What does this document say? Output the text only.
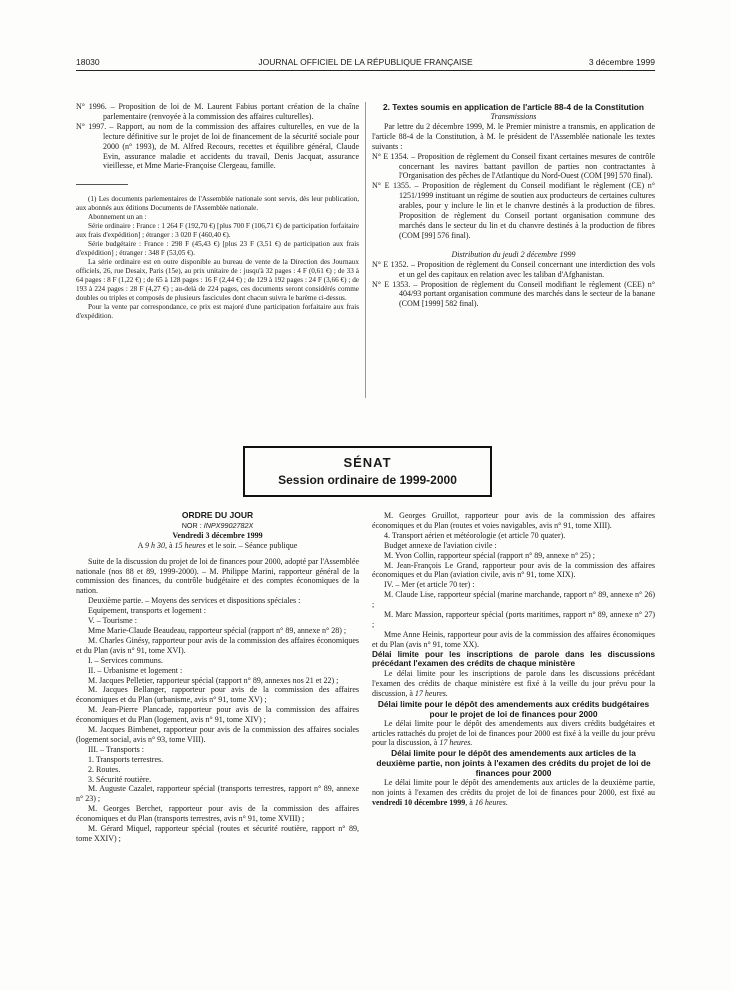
18030	JOURNAL OFFICIEL DE LA RÉPUBLIQUE FRANÇAISE	3 décembre 1999

N° 1996. – Proposition de loi de M. Laurent Fabius portant création de la chaîne parlementaire (renvoyée à la commission des affaires culturelles).

N° 1997. – Rapport, au nom de la commission des affaires culturelles, en vue de la lecture définitive sur le projet de loi de financement de la sécurité sociale pour 2000 (n° 1993), de M. Alfred Recours, recettes et équilibre général, Claude Evin, assurance maladie et accidents du travail, Denis Jacquat, assurance vieillesse, et Mme Marie-Françoise Clergeau, famille.

(1) Les documents parlementaires de l'Assemblée nationale sont servis, dès leur publication, aux abonnés aux éditions Documents de l'Assemblée nationale.

Abonnement un an :

Série ordinaire : France : 1 264 F (192,70 €) [plus 700 F (106,71 €) de participation forfaitaire aux frais d'expédition] ; étranger : 3 020 F (460,40 €).

Série budgétaire : France : 298 F (45,43 €) [plus 23 F (3,51 €) de participation aux frais d'expédition] ; étranger : 348 F (53,05 €).

La série ordinaire est en outre disponible au bureau de vente de la Direction des Journaux officiels, 26, rue Desaix, Paris (15e), au prix unitaire de : jusqu'à 32 pages : 4 F (0,61 €) ; de 33 à 64 pages : 8 F (1,22 €) ; de 65 à 128 pages : 16 F (2,44 €) ; de 129 à 192 pages : 24 F (3,66 €) ; de 193 à 224 pages : 28 F (4,27 €) ; au-delà de 224 pages, ces documents seront considérés comme doubles ou triples et composés de plusieurs fascicules dont chacun suivra le barème ci-dessus.

Pour la vente par correspondance, ce prix est majoré d'une participation forfaitaire aux frais d'expédition.

2. Textes soumis en application de l'article 88-4 de la Constitution

Transmissions

Par lettre du 2 décembre 1999, M. le Premier ministre a transmis, en application de l'article 88-4 de la Constitution, à M. le président de l'Assemblée nationale les textes suivants :

N° E 1354. – Proposition de règlement du Conseil fixant certaines mesures de contrôle concernant les navires battant pavillon de parties non contractantes à l'Organisation des pêches de l'Atlantique du Nord-Ouest (COM [99] 570 final).

N° E 1355. – Proposition de règlement du Conseil modifiant le règlement (CE) n° 1251/1999 instituant un régime de soutien aux producteurs de certaines cultures arables, pour y inclure le lin et le chanvre destinés à la production de fibres. Proposition de règlement du Conseil portant organisation commune des marchés dans le secteur du lin et du chanvre destinés à la production de fibres (COM [99] 576 final).

Distribution du jeudi 2 décembre 1999

N° E 1352. – Proposition de règlement du Conseil concernant une interdiction des vols et un gel des capitaux en relation avec les taliban d'Afghanistan.

N° E 1353. – Proposition de règlement du Conseil modifiant le règlement (CEE) n° 404/93 portant organisation commune des marchés dans le secteur de la banane (COM [1999] 582 final).

SÉNAT
Session ordinaire de 1999-2000

ORDRE DU JOUR

NOR : INPX9902782X

Vendredi 3 décembre 1999

A 9 h 30, à 15 heures et le soir. – Séance publique

Suite de la discussion du projet de loi de finances pour 2000, adopté par l'Assemblée nationale (nos 88 et 89, 1999-2000). – M. Philippe Marini, rapporteur général de la commission des finances, du contrôle budgétaire et des comptes économiques de la nation.

Deuxième partie. – Moyens des services et dispositions spéciales :

Equipement, transports et logement :

V. – Tourisme :

Mme Marie-Claude Beaudeau, rapporteur spécial (rapport n° 89, annexe n° 28) ;

M. Charles Ginésy, rapporteur pour avis de la commission des affaires économiques et du Plan (avis n° 91, tome XVI).

I. – Services communs.

II. – Urbanisme et logement :

M. Jacques Pelletier, rapporteur spécial (rapport n° 89, annexes nos 21 et 22) ;

M. Jacques Bellanger, rapporteur pour avis de la commission des affaires économiques et du Plan (urbanisme, avis n° 91, tome XV) ;

M. Jean-Pierre Plancade, rapporteur pour avis de la commission des affaires économiques et du Plan (logement, avis n° 91, tome XIV) ;

M. Jacques Bimbenet, rapporteur pour avis de la commission des affaires sociales (logement social, avis n° 93, tome VIII).

III. – Transports :

1. Transports terrestres.

2. Routes.

3. Sécurité routière.

M. Auguste Cazalet, rapporteur spécial (transports terrestres, rapport n° 89, annexe n° 23) ;

M. Georges Berchet, rapporteur pour avis de la commission des affaires économiques et du Plan (transports terrestres, avis n° 91, tome XVIII) ;

M. Gérard Miquel, rapporteur spécial (routes et sécurité routière, rapport n° 89, tome XXIV) ;

M. Georges Gruillot, rapporteur pour avis de la commission des affaires économiques et du Plan (routes et voies navigables, avis n° 91, tome XIII).

4. Transport aérien et météorologie (et article 70 quater).

Budget annexe de l'aviation civile :

M. Yvon Collin, rapporteur spécial (rapport n° 89, annexe n° 25) ;

M. Jean-François Le Grand, rapporteur pour avis de la commission des affaires économiques et du Plan (aviation civile, avis n° 91, tome XIX).

IV. – Mer (et article 70 ter) :

M. Claude Lise, rapporteur spécial (marine marchande, rapport n° 89, annexe n° 26) ;

M. Marc Massion, rapporteur spécial (ports maritimes, rapport n° 89, annexe n° 27) ;

Mme Anne Heinis, rapporteur pour avis de la commission des affaires économiques et du Plan (avis n° 91, tome XX).

Délai limite pour les inscriptions de parole dans les discussions précédant l'examen des crédits de chaque ministère

Le délai limite pour les inscriptions de parole dans les discussions précédant l'examen des crédits de chaque ministère est fixé à la veille du jour prévu pour la discussion, à 17 heures.

Délai limite pour le dépôt des amendements aux crédits budgétaires pour le projet de loi de finances pour 2000

Le délai limite pour le dépôt des amendements aux divers crédits budgétaires et articles rattachés du projet de loi de finances pour 2000 est fixé à la veille du jour prévu pour la discussion, à 17 heures.

Délai limite pour le dépôt des amendements aux articles de la deuxième partie, non joints à l'examen des crédits du projet de loi de finances pour 2000

Le délai limite pour le dépôt des amendements aux articles de la deuxième partie, non joints à l'examen des crédits du projet de loi de finances pour 2000, est fixé au vendredi 10 décembre 1999, à 16 heures.
